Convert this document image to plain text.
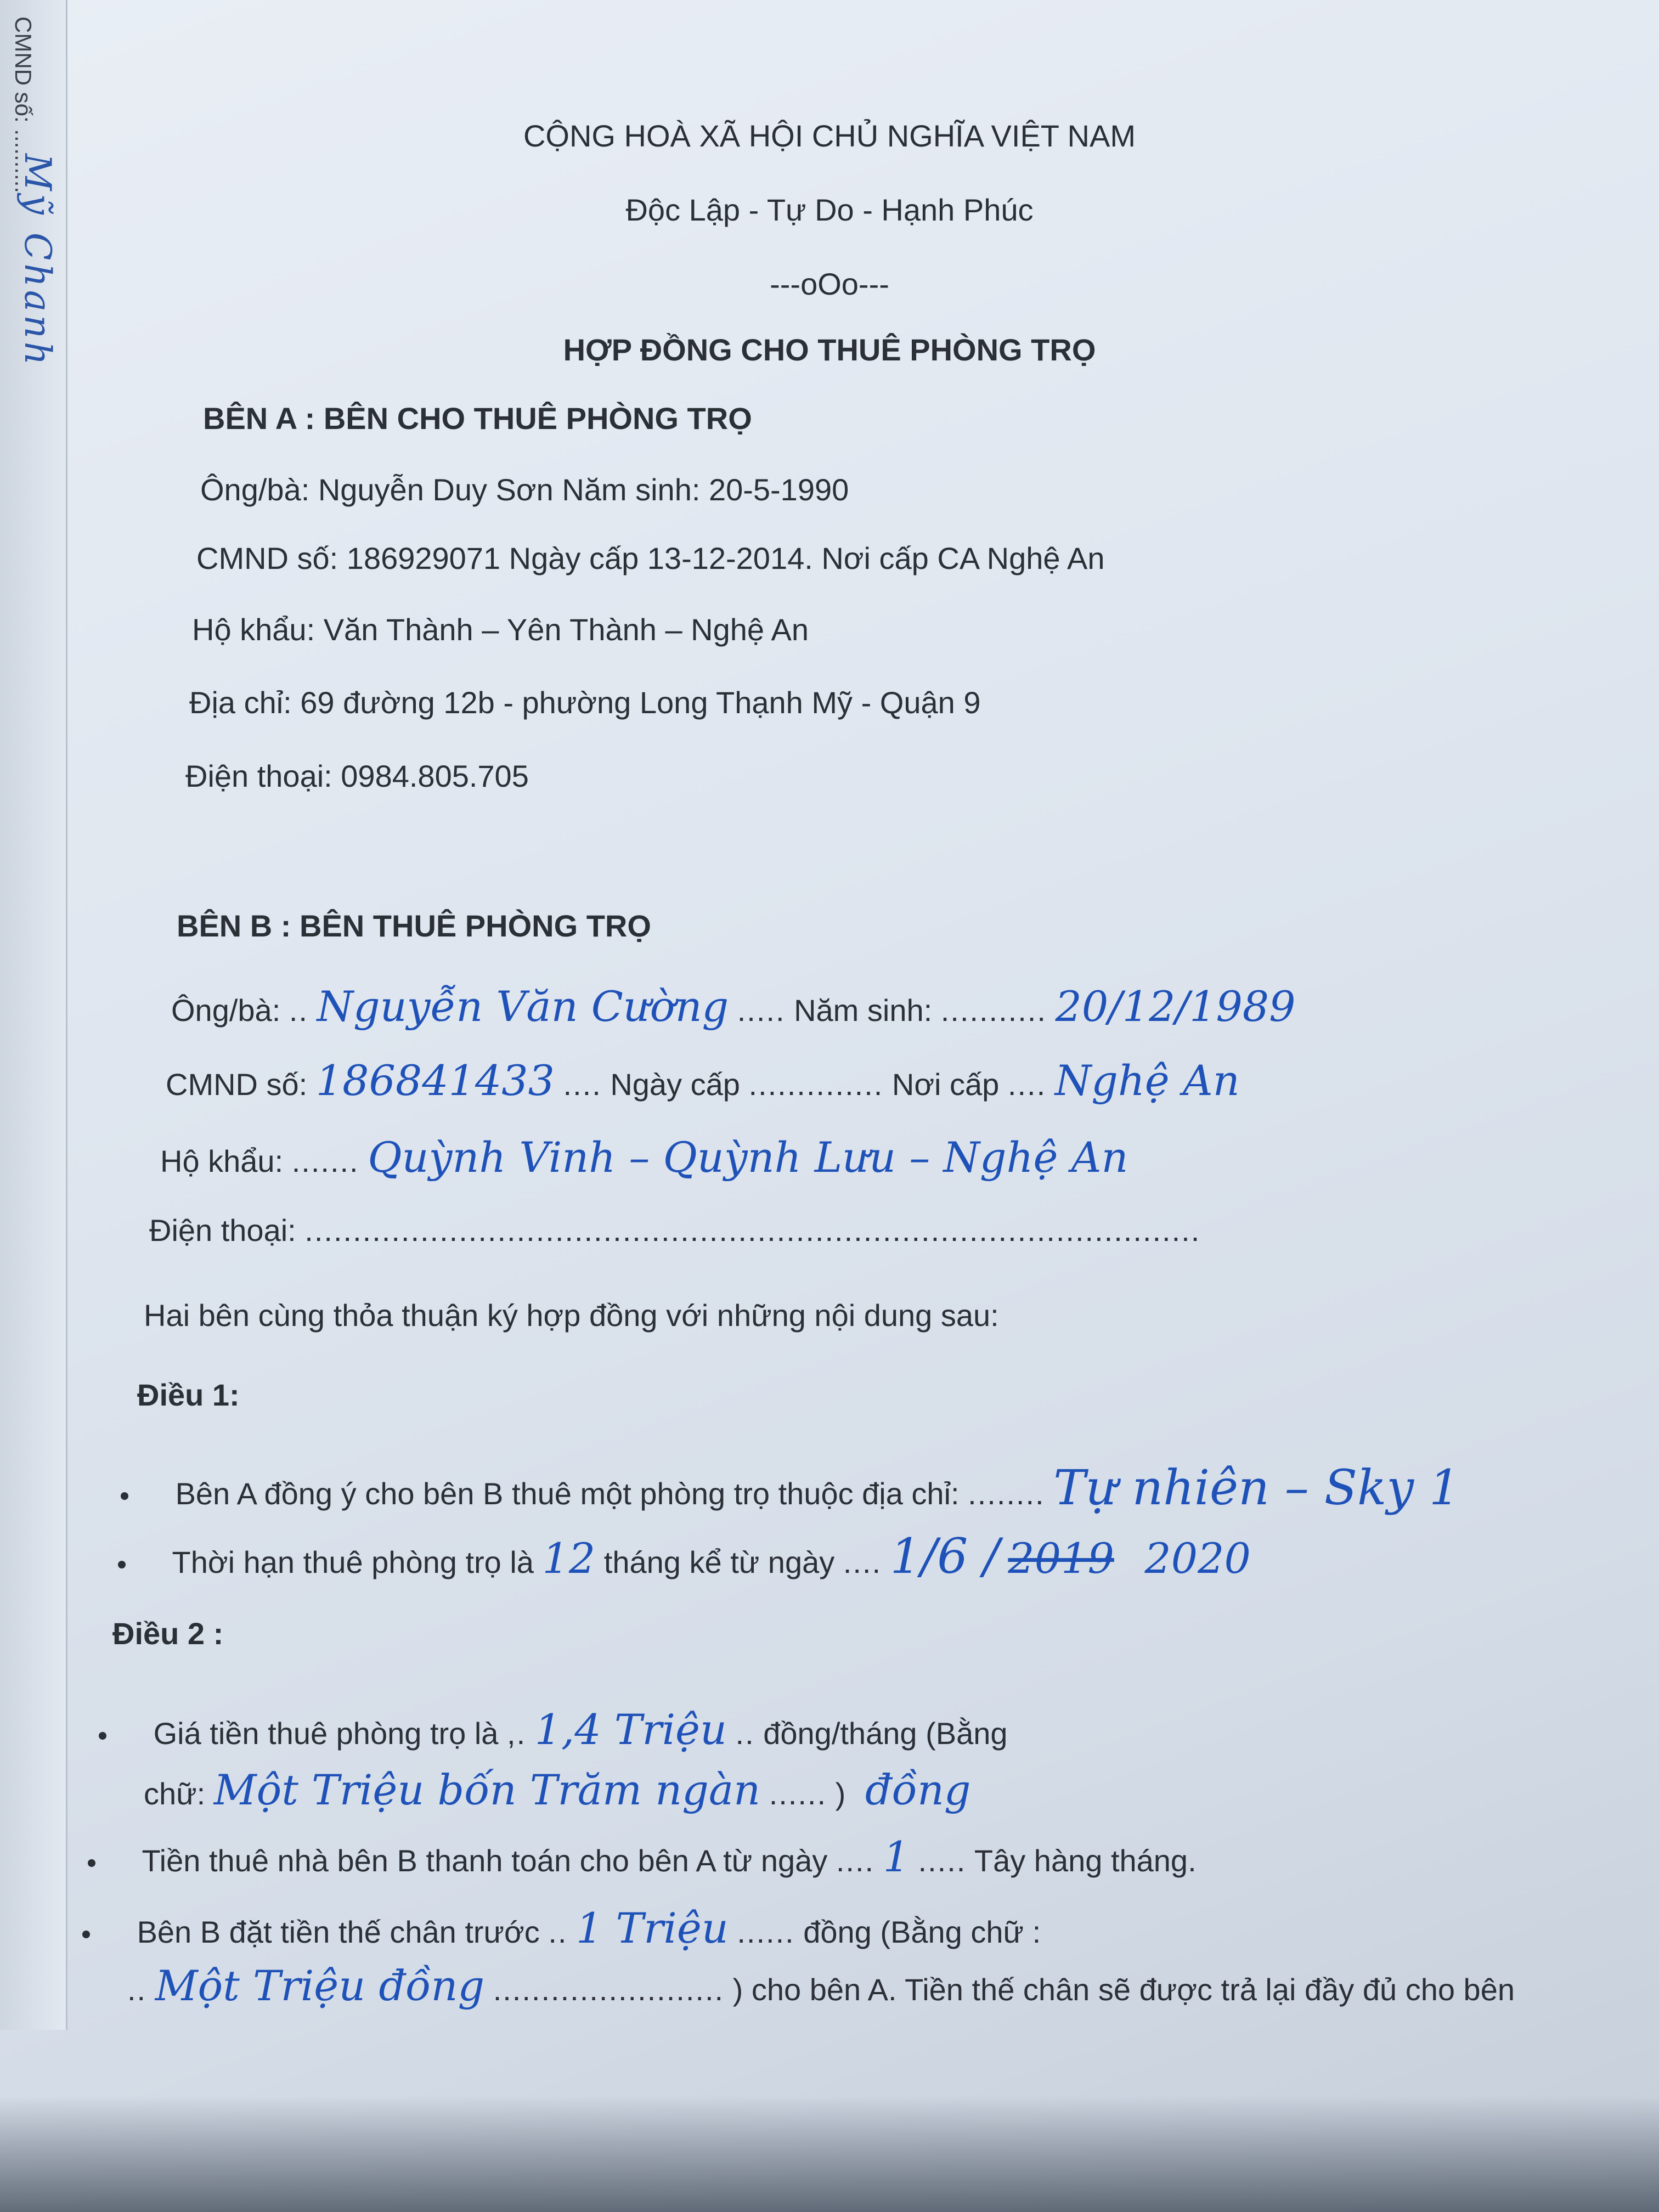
CMND số: ..........
Mỹ Chanh
CỘNG HOÀ XÃ HỘI CHỦ NGHĨA VIỆT NAM
Độc Lập - Tự Do - Hạnh Phúc
---oOo---
HỢP ĐỒNG CHO THUÊ PHÒNG TRỌ
BÊN A : BÊN CHO THUÊ PHÒNG TRỌ
Ông/bà: Nguyễn Duy Sơn Năm sinh: 20-5-1990
CMND số: 186929071 Ngày cấp 13-12-2014. Nơi cấp CA Nghệ An
Hộ khẩu: Văn Thành – Yên Thành – Nghệ An
Địa chỉ: 69 đường 12b - phường Long Thạnh Mỹ - Quận 9
Điện thoại: 0984.805.705
BÊN B : BÊN THUÊ PHÒNG TRỌ
Ông/bà: .. Nguyễn Văn Cường ..... Năm sinh: ........... 20/12/1989
CMND số: 186841433 .... Ngày cấp .............. Nơi cấp .... Nghệ An
Hộ khẩu: ....... Quỳnh Vinh – Quỳnh Lưu – Nghệ An
Điện thoại: .............................................................................................
Hai bên cùng thỏa thuận ký hợp đồng với những nội dung sau:
Điều 1:
Bên A đồng ý cho bên B thuê một phòng trọ thuộc địa chỉ: ........ Tự nhiên – Sky 1
Thời hạn thuê phòng trọ là 12 tháng kể từ ngày .... 1/6 / 2019 2020
Điều 2 :
Giá tiền thuê phòng trọ là ,. 1,4 Triệu .. đồng/tháng (Bằng
chữ: Một Triệu bốn Trăm ngàn ...... ) đồng
Tiền thuê nhà bên B thanh toán cho bên A từ ngày .... 1 ..... Tây hàng tháng.
Bên B đặt tiền thế chân trước .. 1 Triệu ...... đồng (Bằng chữ :
.. Một Triệu đồng ........................ ) cho bên A. Tiền thế chân sẽ được trả lại đầy đủ cho bên
